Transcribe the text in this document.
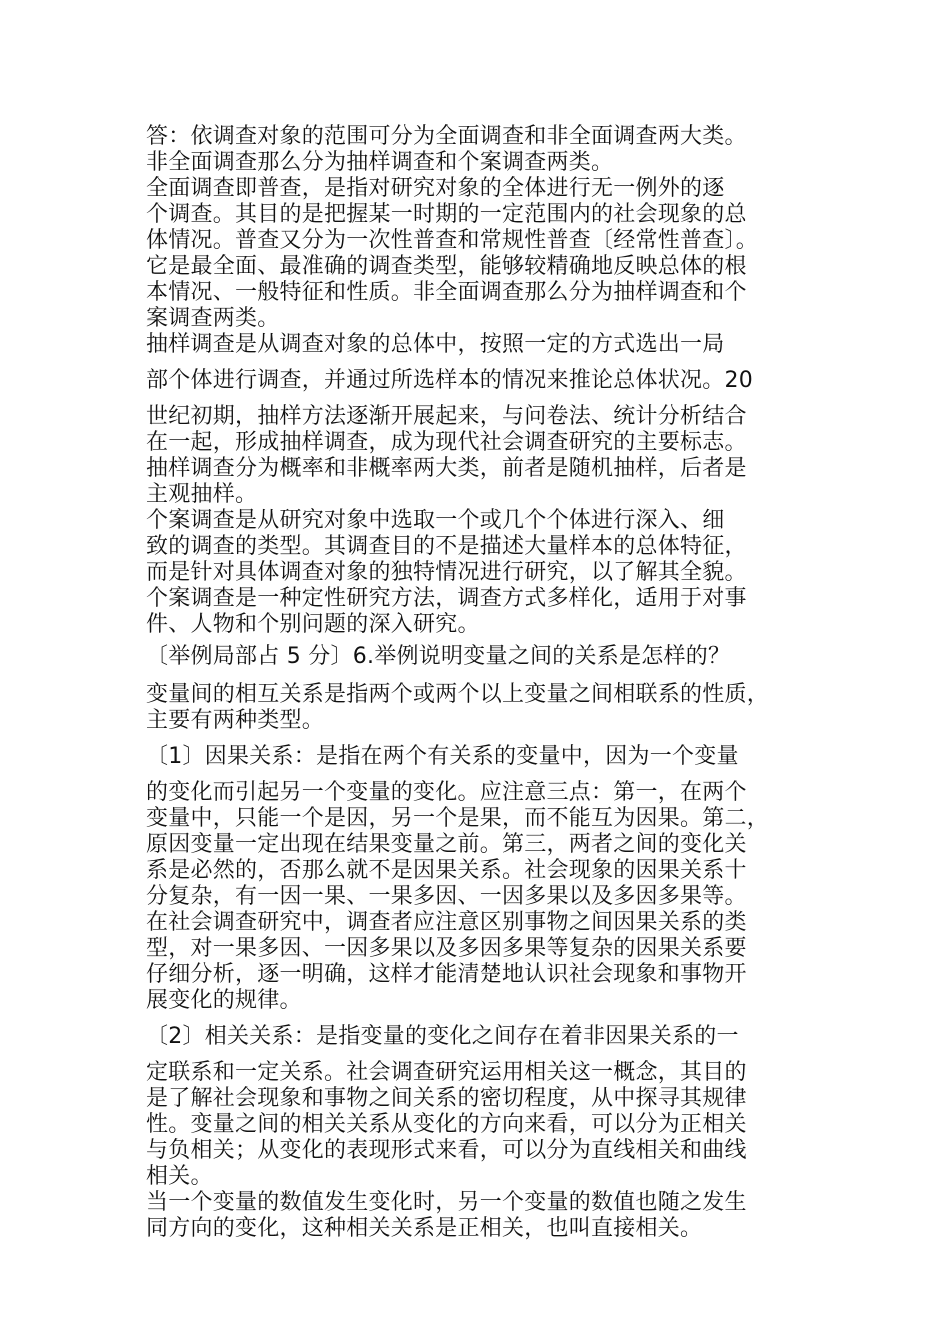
答：依调查对象的范围可分为全面调查和非全面调查两大类。
非全面调查那么分为抽样调查和个案调查两类。
全面调查即普查，是指对研究对象的全体进行无一例外的逐
个调查。其目的是把握某一时期的一定范围内的社会现象的总
体情况。普查又分为一次性普查和常规性普查〔经常性普查〕。
它是最全面、最准确的调查类型，能够较精确地反映总体的根
本情况、一般特征和性质。非全面调查那么分为抽样调查和个
案调查两类。
抽样调查是从调查对象的总体中，按照一定的方式选出一局
部个体进行调查，并通过所选样本的情况来推论总体状况。20
世纪初期，抽样方法逐渐开展起来，与问卷法、统计分析结合
在一起，形成抽样调查，成为现代社会调查研究的主要标志。
抽样调查分为概率和非概率两大类，前者是随机抽样，后者是
主观抽样。
个案调查是从研究对象中选取一个或几个个体进行深入、细
致的调查的类型。其调查目的不是描述大量样本的总体特征，
而是针对具体调查对象的独特情况进行研究，以了解其全貌。
个案调查是一种定性研究方法，调查方式多样化，适用于对事
件、人物和个别问题的深入研究。
〔举例局部占 5 分〕6.举例说明变量之间的关系是怎样的？
变量间的相互关系是指两个或两个以上变量之间相联系的性质，
主要有两种类型。
〔1〕因果关系：是指在两个有关系的变量中，因为一个变量
的变化而引起另一个变量的变化。应注意三点：第一，在两个
变量中，只能一个是因，另一个是果，而不能互为因果。第二，
原因变量一定出现在结果变量之前。第三，两者之间的变化关
系是必然的，否那么就不是因果关系。社会现象的因果关系十
分复杂，有一因一果、一果多因、一因多果以及多因多果等。
在社会调查研究中，调查者应注意区别事物之间因果关系的类
型，对一果多因、一因多果以及多因多果等复杂的因果关系要
仔细分析，逐一明确，这样才能清楚地认识社会现象和事物开
展变化的规律。
〔2〕相关关系：是指变量的变化之间存在着非因果关系的一
定联系和一定关系。社会调查研究运用相关这一概念，其目的
是了解社会现象和事物之间关系的密切程度，从中探寻其规律
性。变量之间的相关关系从变化的方向来看，可以分为正相关
与负相关；从变化的表现形式来看，可以分为直线相关和曲线
相关。
当一个变量的数值发生变化时，另一个变量的数值也随之发生
同方向的变化，这种相关关系是正相关，也叫直接相关。
